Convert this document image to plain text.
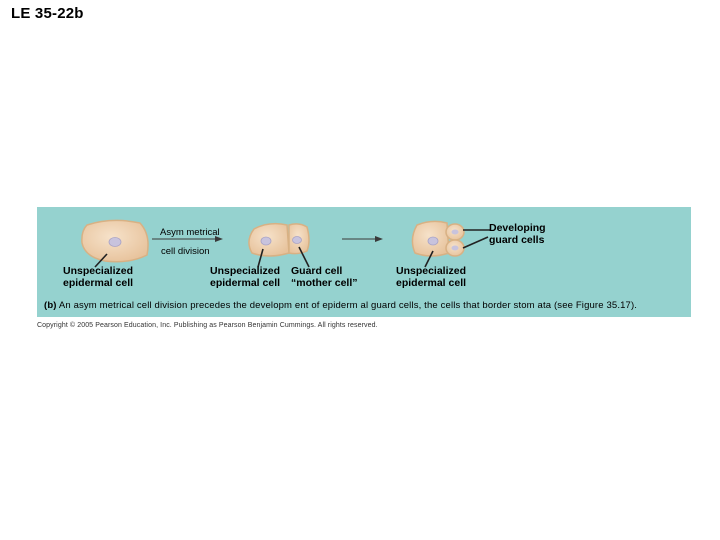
LE 35-22b
Asym metrical
cell division
Developing
guard cells
Unspecialized
epidermal cell
Unspecialized
epidermal cell
Guard cell
“mother cell”
Unspecialized
epidermal cell
(b) An asym metrical cell division precedes the developm ent of epiderm al guard cells, the cells that border stom ata (see Figure 35.17).
Copyright © 2005 Pearson Education, Inc. Publishing as Pearson Benjamin Cummings. All rights reserved.
